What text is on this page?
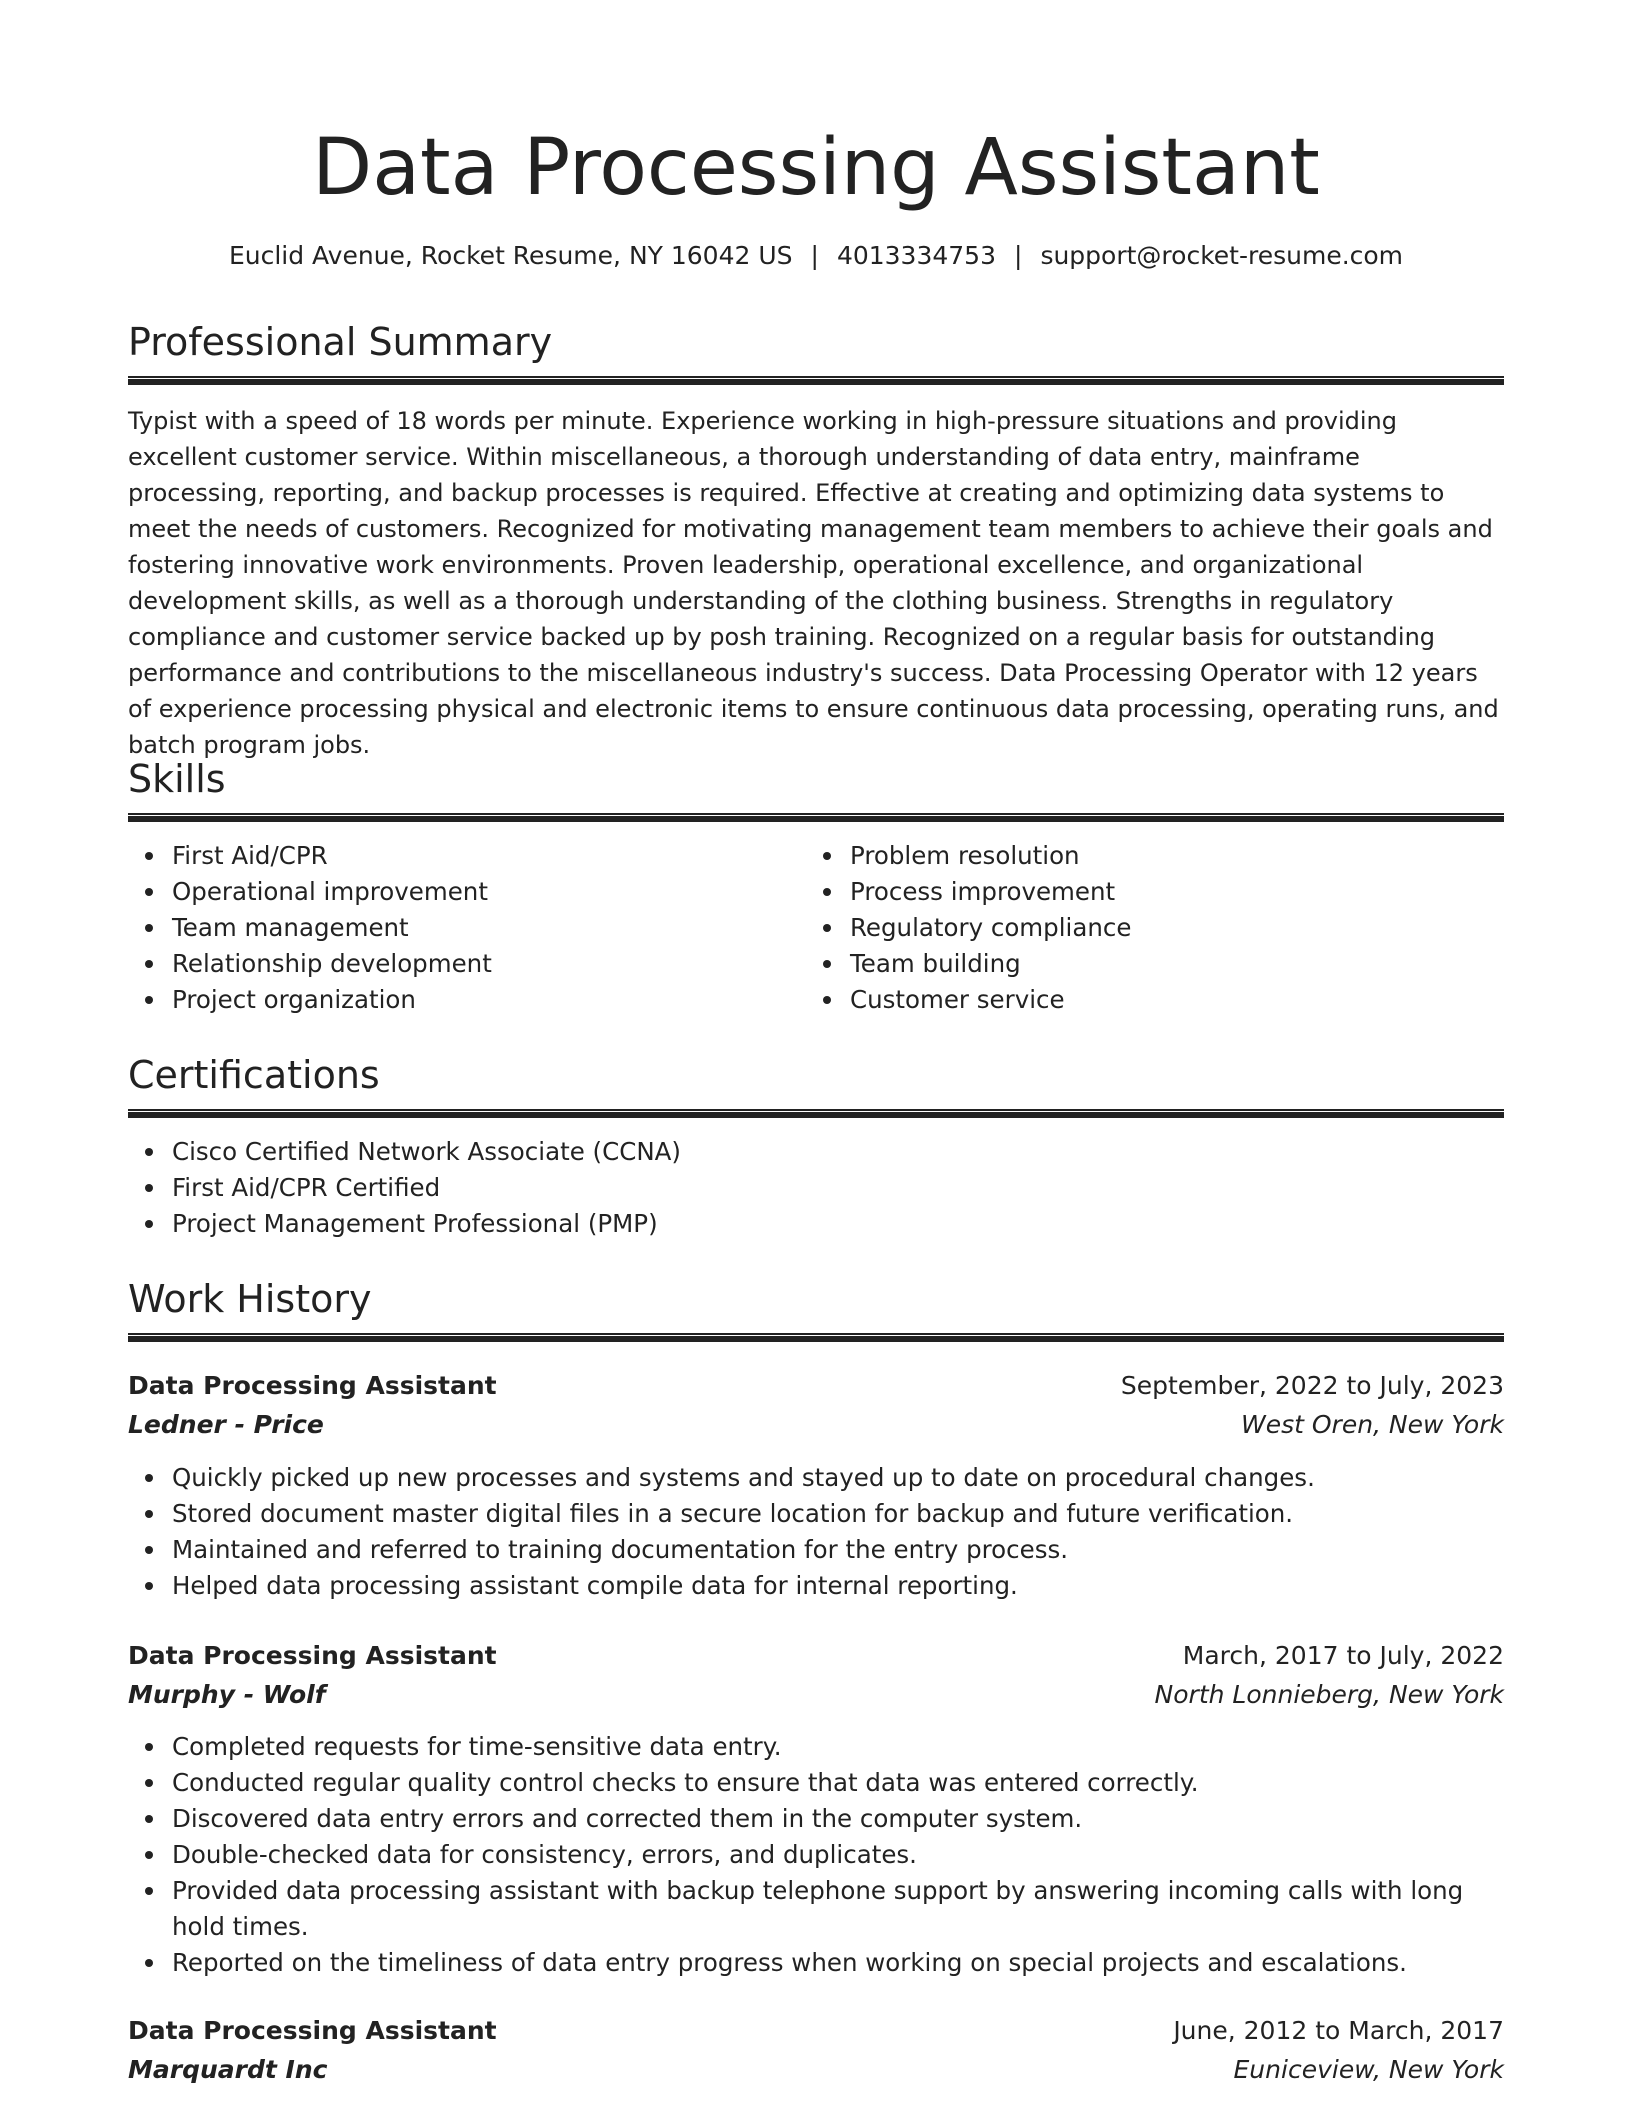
Data Processing Assistant
Euclid Avenue, Rocket Resume, NY 16042 US | 4013334753 | support@rocket-resume.com
Professional Summary

Typist with a speed of 18 words per minute. Experience working in high-pressure situations and providing excellent customer service. Within miscellaneous, a thorough understanding of data entry, mainframe processing, reporting, and backup processes is required. Effective at creating and optimizing data systems to meet the needs of customers. Recognized for motivating management team members to achieve their goals and fostering innovative work environments. Proven leadership, operational excellence, and organizational development skills, as well as a thorough understanding of the clothing business. Strengths in regulatory compliance and customer service backed up by posh training. Recognized on a regular basis for outstanding performance and contributions to the miscellaneous industry's success. Data Processing Operator with 12 years of experience processing physical and electronic items to ensure continuous data processing, operating runs, and batch program jobs.

Skills
First Aid/CPR
Operational improvement
Team management
Relationship development
Project organization
Problem resolution
Process improvement
Regulatory compliance
Team building
Customer service
Certifications
Cisco Certified Network Associate (CCNA)
First Aid/CPR Certified
Project Management Professional (PMP)
Work History
Data Processing Assistant	September, 2022 to July, 2023
Ledner - Price	West Oren, New York
Quickly picked up new processes and systems and stayed up to date on procedural changes.
Stored document master digital files in a secure location for backup and future verification.
Maintained and referred to training documentation for the entry process.
Helped data processing assistant compile data for internal reporting.
Data Processing Assistant	March, 2017 to July, 2022
Murphy - Wolf	North Lonnieberg, New York
Completed requests for time-sensitive data entry.
Conducted regular quality control checks to ensure that data was entered correctly.
Discovered data entry errors and corrected them in the computer system.
Double-checked data for consistency, errors, and duplicates.
Provided data processing assistant with backup telephone support by answering incoming calls with long hold times.
Reported on the timeliness of data entry progress when working on special projects and escalations.
Data Processing Assistant	June, 2012 to March, 2017
Marquardt Inc	Euniceview, New York
